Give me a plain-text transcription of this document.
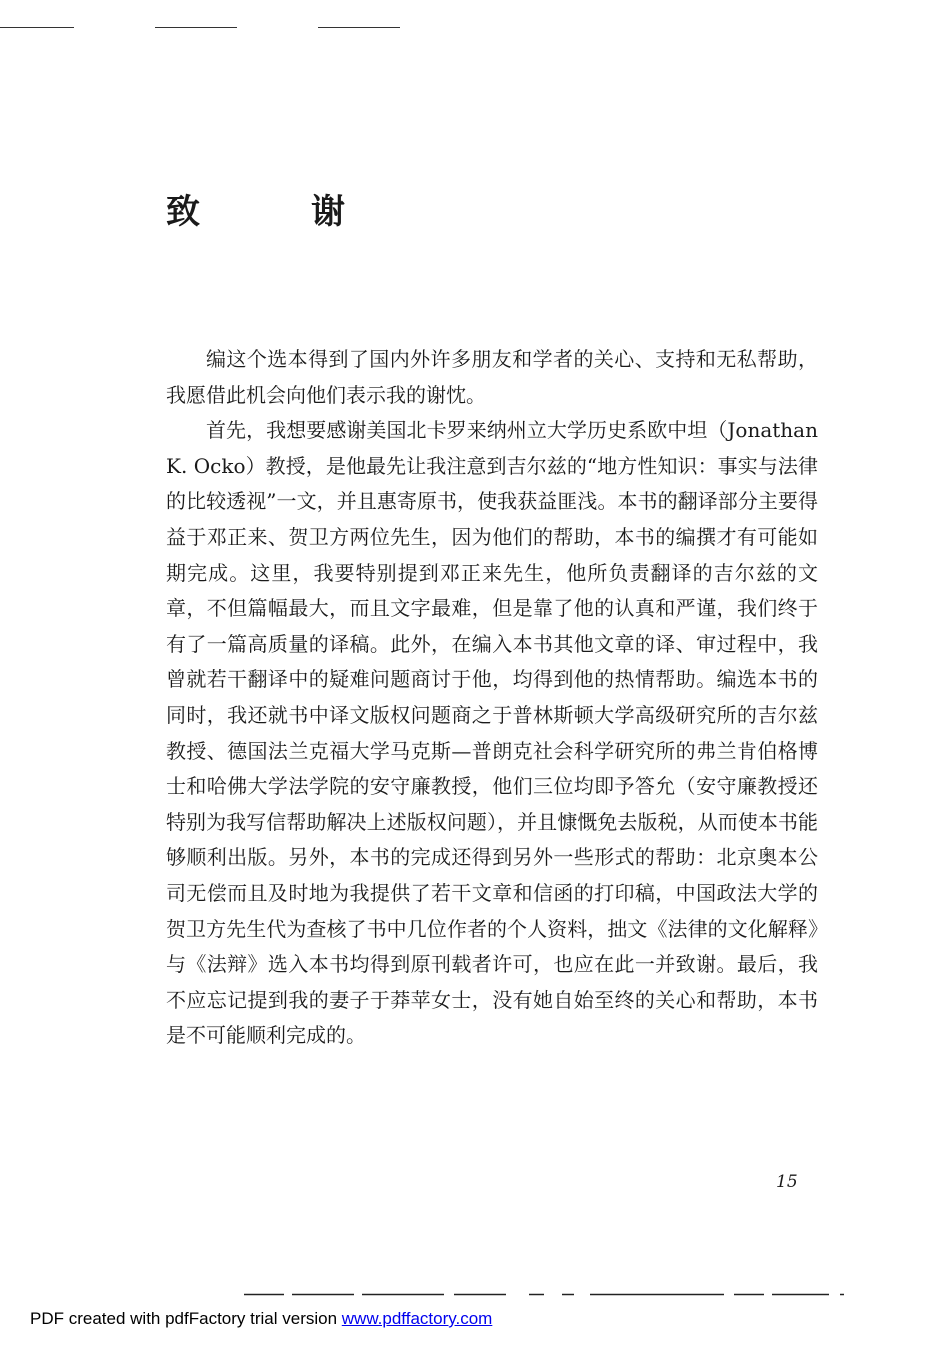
致	谢

编这个选本得到了国内外许多朋友和学者的关心、支持和无私帮助，我愿借此机会向他们表示我的谢忱。

首先，我想要感谢美国北卡罗来纳州立大学历史系欧中坦（Jonathan K. Ocko）教授，是他最先让我注意到吉尔兹的“地方性知识：事实与法律的比较透视”一文，并且惠寄原书，使我获益匪浅。本书的翻译部分主要得益于邓正来、贺卫方两位先生，因为他们的帮助，本书的编撰才有可能如期完成。这里，我要特别提到邓正来先生，他所负责翻译的吉尔兹的文章，不但篇幅最大，而且文字最难，但是靠了他的认真和严谨，我们终于有了一篇高质量的译稿。此外，在编入本书其他文章的译、审过程中，我曾就若干翻译中的疑难问题商讨于他，均得到他的热情帮助。编选本书的同时，我还就书中译文版权问题商之于普林斯顿大学高级研究所的吉尔兹教授、德国法兰克福大学马克斯—普朗克社会科学研究所的弗兰肯伯格博士和哈佛大学法学院的安守廉教授，他们三位均即予答允（安守廉教授还特别为我写信帮助解决上述版权问题），并且慷慨免去版税，从而使本书能够顺利出版。另外，本书的完成还得到另外一些形式的帮助：北京奥本公司无偿而且及时地为我提供了若干文章和信函的打印稿，中国政法大学的贺卫方先生代为查核了书中几位作者的个人资料，拙文《法律的文化解释》与《法辩》选入本书均得到原刊载者许可，也应在此一并致谢。最后，我不应忘记提到我的妻子于莽苹女士，没有她自始至终的关心和帮助，本书是不可能顺利完成的。

15
PDF created with pdfFactory trial version www.pdffactory.com
